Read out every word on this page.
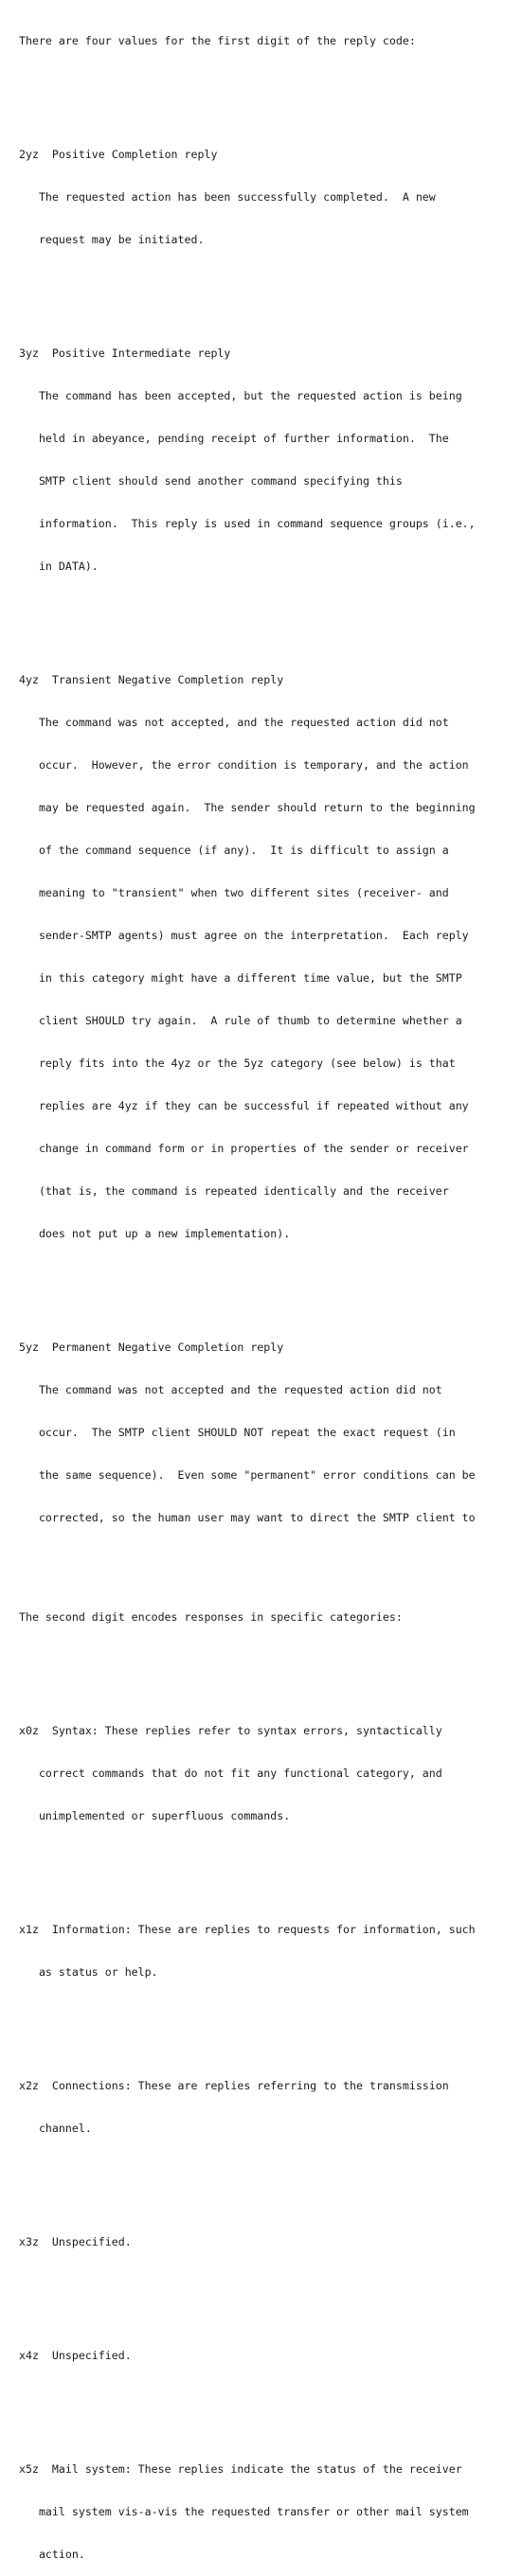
There are four values for the first digit of the reply code:

2yz Positive Completion reply

The requested action has been successfully completed.  A new

request may be initiated.

3yz Positive Intermediate reply

The command has been accepted, but the requested action is being

held in abeyance, pending receipt of further information.  The

SMTP client should send another command specifying this

information.  This reply is used in command sequence groups (i.e.,

in DATA).

4yz Transient Negative Completion reply

The command was not accepted, and the requested action did not

occur.  However, the error condition is temporary, and the action

may be requested again.  The sender should return to the beginning

of the command sequence (if any).  It is difficult to assign a

meaning to "transient" when two different sites (receiver- and

sender-SMTP agents) must agree on the interpretation.  Each reply

in this category might have a different time value, but the SMTP

client SHOULD try again.  A rule of thumb to determine whether a

reply fits into the 4yz or the 5yz category (see below) is that

replies are 4yz if they can be successful if repeated without any

change in command form or in properties of the sender or receiver

(that is, the command is repeated identically and the receiver

does not put up a new implementation).

5yz Permanent Negative Completion reply

The command was not accepted and the requested action did not

occur.  The SMTP client SHOULD NOT repeat the exact request (in

the same sequence).  Even some "permanent" error conditions can be

corrected, so the human user may want to direct the SMTP client to

The second digit encodes responses in specific categories:

x0z Syntax: These replies refer to syntax errors, syntactically

correct commands that do not fit any functional category, and

unimplemented or superfluous commands.

x1z Information: These are replies to requests for information, such

as status or help.

x2z Connections: These are replies referring to the transmission

channel.

x3z Unspecified.

x4z Unspecified.

x5z Mail system: These replies indicate the status of the receiver

mail system vis-a-vis the requested transfer or other mail system

action.
